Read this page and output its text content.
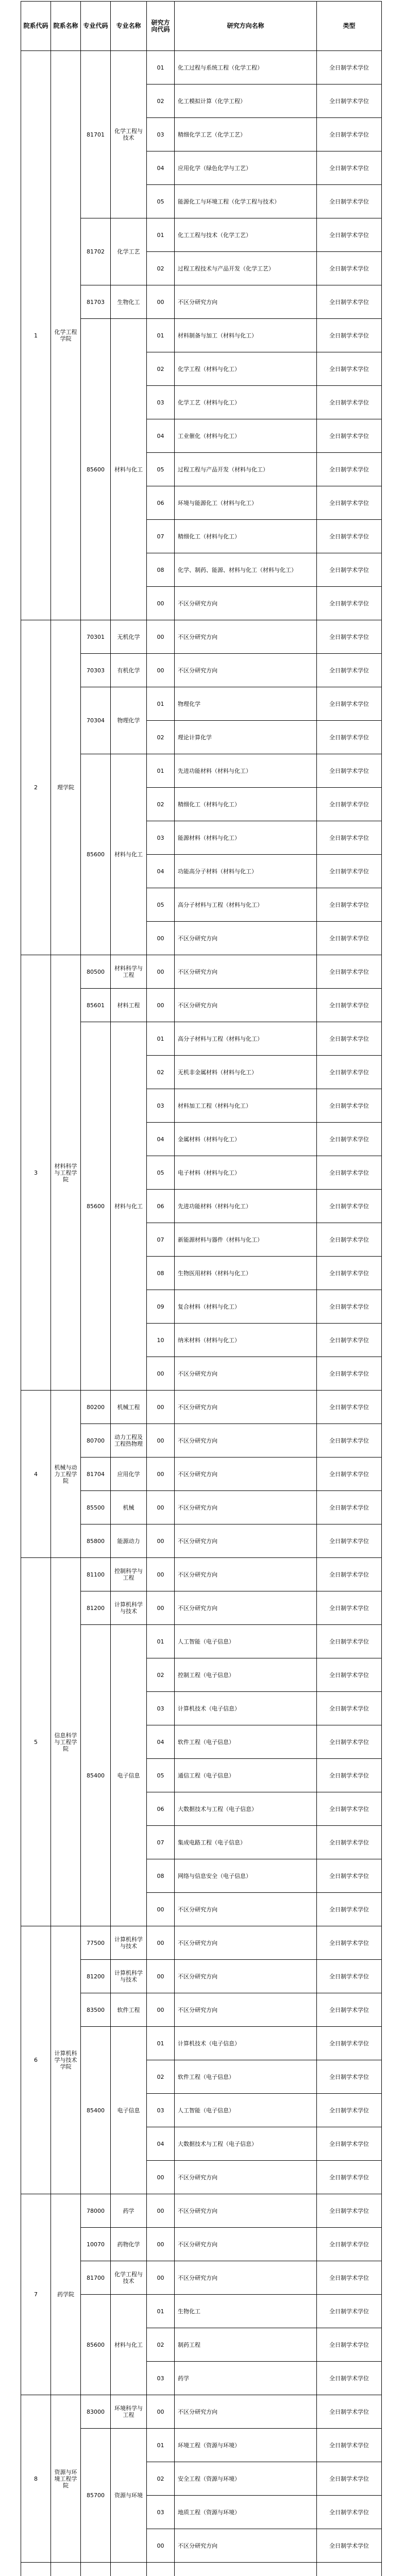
院系代码	院系名称	专业代码	专业名称	研究方向代码	研究方向名称	类型
1	化学工程学院	81701	化学工程与技术	01	化工过程与系统工程（化学工程）	全日制学术学位
				02	化工模拟计算（化学工程）	全日制学术学位
				03	精细化学工艺（化学工艺）	全日制学术学位
				04	应用化学（绿色化学与工艺）	全日制学术学位
				05	能源化工与环境工程（化学工程与技术）	全日制学术学位
		81702	化学工艺	01	化工工程与技术（化学工艺）	全日制学术学位
				02	过程工程技术与产品开发（化学工艺）	全日制学术学位
		81703	生物化工	00	不区分研究方向	全日制学术学位
		85600	材料与化工	01	材料制备与加工（材料与化工）	全日制学术学位
				02	化学工程（材料与化工）	全日制学术学位
				03	化学工艺（材料与化工）	全日制学术学位
				04	工业催化（材料与化工）	全日制学术学位
				05	过程工程与产品开发（材料与化工）	全日制学术学位
				06	环境与能源化工（材料与化工）	全日制学术学位
				07	精细化工（材料与化工）	全日制学术学位
				08	化学、制药、能源、材料与化工（材料与化工）	全日制学术学位
				00	不区分研究方向	全日制学术学位
2	理学院	70301	无机化学	00	不区分研究方向	全日制学术学位
		70303	有机化学	00	不区分研究方向	全日制学术学位
		70304	物理化学	01	物理化学	全日制学术学位
				02	理论计算化学	全日制学术学位
		85600	材料与化工	01	先进功能材料（材料与化工）	全日制学术学位
				02	精细化工（材料与化工）	全日制学术学位
				03	能源材料（材料与化工）	全日制学术学位
				04	功能高分子材料（材料与化工）	全日制学术学位
				05	高分子材料与工程（材料与化工）	全日制学术学位
				00	不区分研究方向	全日制学术学位
3	材料科学与工程学院	80500	材料科学与工程	00	不区分研究方向	全日制学术学位
		85601	材料工程	00	不区分研究方向	全日制学术学位
		85600	材料与化工	01	高分子材料与工程（材料与化工）	全日制学术学位
				02	无机非金属材料（材料与化工）	全日制学术学位
				03	材料加工工程（材料与化工）	全日制学术学位
				04	金属材料（材料与化工）	全日制学术学位
				05	电子材料（材料与化工）	全日制学术学位
				06	先进功能材料（材料与化工）	全日制学术学位
				07	新能源材料与器件（材料与化工）	全日制学术学位
				08	生物医用材料（材料与化工）	全日制学术学位
				09	复合材料（材料与化工）	全日制学术学位
				10	纳米材料（材料与化工）	全日制学术学位
				00	不区分研究方向	全日制学术学位
4	机械与动力工程学院	80200	机械工程	00	不区分研究方向	全日制学术学位
		80700	动力工程及工程热物理	00	不区分研究方向	全日制学术学位
		81704	应用化学	00	不区分研究方向	全日制学术学位
		85500	机械	00	不区分研究方向	全日制学术学位
		85800	能源动力	00	不区分研究方向	全日制学术学位
5	信息科学与工程学院	81100	控制科学与工程	00	不区分研究方向	全日制学术学位
		81200	计算机科学与技术	00	不区分研究方向	全日制学术学位
		85400	电子信息	01	人工智能（电子信息）	全日制学术学位
				02	控制工程（电子信息）	全日制学术学位
				03	计算机技术（电子信息）	全日制学术学位
				04	软件工程（电子信息）	全日制学术学位
				05	通信工程（电子信息）	全日制学术学位
				06	大数据技术与工程（电子信息）	全日制学术学位
				07	集成电路工程（电子信息）	全日制学术学位
				08	网络与信息安全（电子信息）	全日制学术学位
				00	不区分研究方向	全日制学术学位
6	计算机科学与技术学院	77500	计算机科学与技术	00	不区分研究方向	全日制学术学位
		81200	计算机科学与技术	00	不区分研究方向	全日制学术学位
		83500	软件工程	00	不区分研究方向	全日制学术学位
		85400	电子信息	01	计算机技术（电子信息）	全日制学术学位
				02	软件工程（电子信息）	全日制学术学位
				03	人工智能（电子信息）	全日制学术学位
				04	大数据技术与工程（电子信息）	全日制学术学位
				00	不区分研究方向	全日制学术学位
7	药学院	78000	药学	00	不区分研究方向	全日制学术学位
		10070	药物化学	00	不区分研究方向	全日制学术学位
		81700	化学工程与技术	00	不区分研究方向	全日制学术学位
		85600	材料与化工	01	生物化工	全日制学术学位
				02	制药工程	全日制学术学位
				03	药学	全日制学术学位
8	资源与环境工程学院	83000	环境科学与工程	00	不区分研究方向	全日制学术学位
		85700	资源与环境	01	环境工程（资源与环境）	全日制学术学位
				02	安全工程（资源与环境）	全日制学术学位
				03	地质工程（资源与环境）	全日制学术学位
				00	不区分研究方向	全日制学术学位
